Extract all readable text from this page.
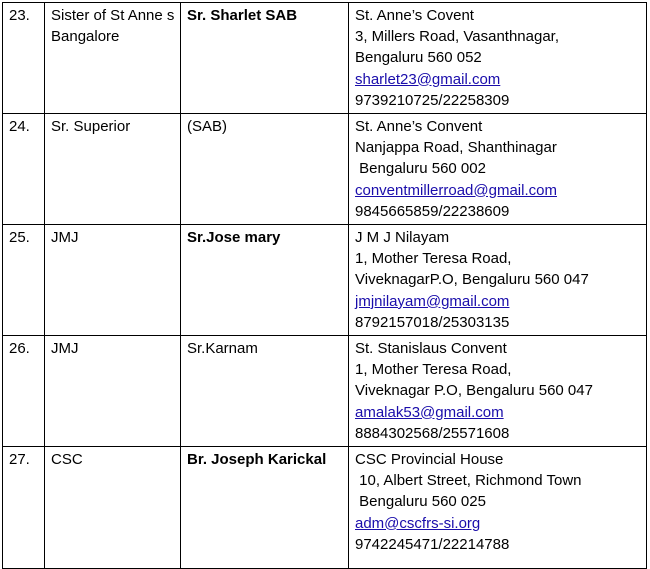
23.	Sister of St Anne s Bangalore	Sr. Sharlet SAB	St. Anne’s Covent
3, Millers Road, Vasanthnagar,
Bengaluru 560 052
sharlet23@gmail.com
9739210725/22258309

24.	Sr. Superior	(SAB)	St. Anne’s Convent
Nanjappa Road, Shanthinagar
Bengaluru 560 002
conventmillerroad@gmail.com
9845665859/22238609

25.	JMJ	Sr.Jose mary	J M J Nilayam
1, Mother Teresa Road,
ViveknagarP.O, Bengaluru 560 047
jmjnilayam@gmail.com
8792157018/25303135

26.	JMJ	Sr.Karnam	St. Stanislaus Convent
1, Mother Teresa Road,
Viveknagar P.O, Bengaluru 560 047
amalak53@gmail.com
8884302568/25571608

27.	CSC	Br. Joseph Karickal	CSC Provincial House
10, Albert Street, Richmond Town
Bengaluru 560 025
adm@cscfrs-si.org
9742245471/22214788
